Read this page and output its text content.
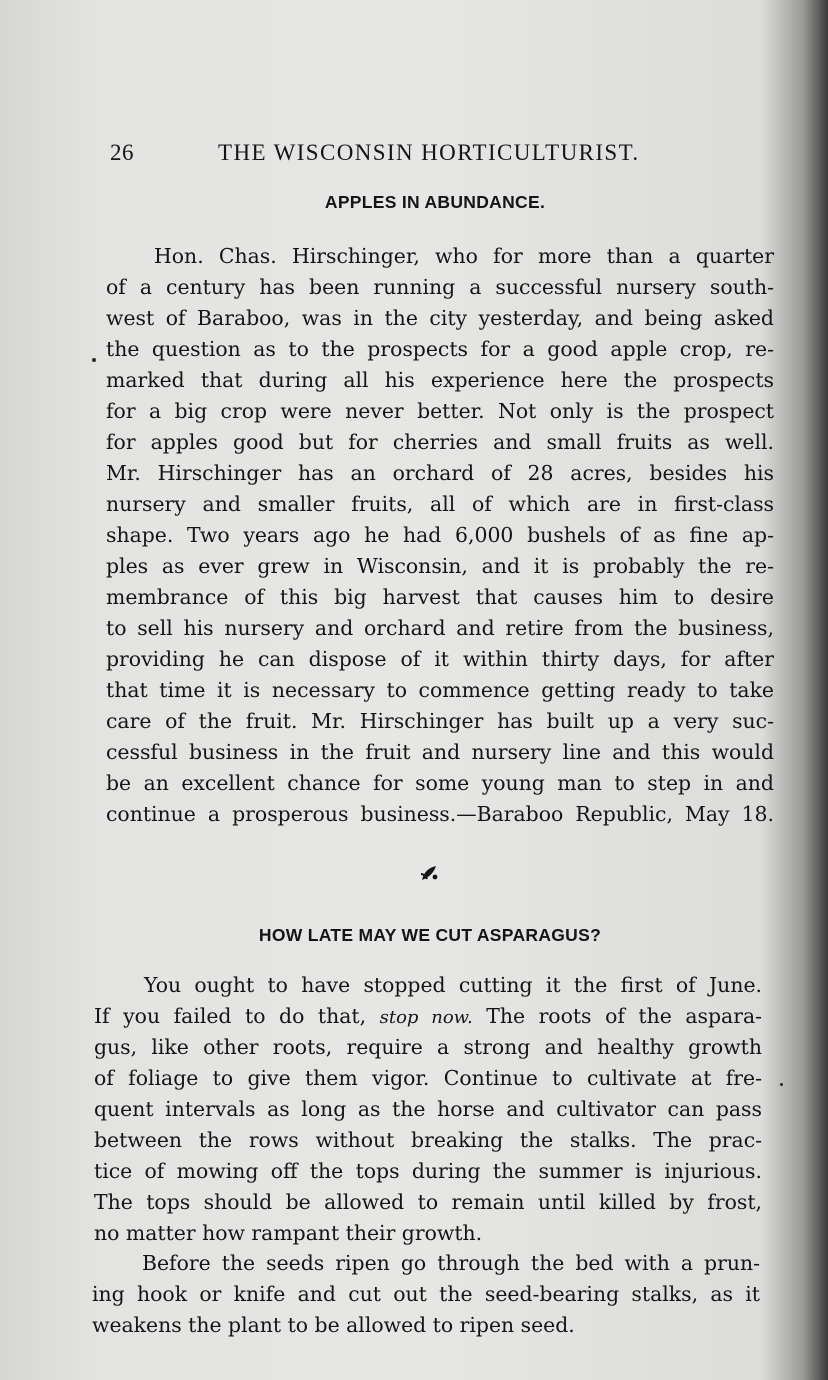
26	THE WISCONSIN HORTICULTURIST.
APPLES IN ABUNDANCE.
Hon. Chas. Hirschinger, who for more than a quarter
of a century has been running a successful nursery south-
west of Baraboo, was in the city yesterday, and being asked
the question as to the prospects for a good apple crop, re-
marked that during all his experience here the prospects
for a big crop were never better. Not only is the prospect
for apples good but for cherries and small fruits as well.
Mr. Hirschinger has an orchard of 28 acres, besides his
nursery and smaller fruits, all of which are in first-class
shape. Two years ago he had 6,000 bushels of as fine ap-
ples as ever grew in Wisconsin, and it is probably the re-
membrance of this big harvest that causes him to desire
to sell his nursery and orchard and retire from the business,
providing he can dispose of it within thirty days, for after
that time it is necessary to commence getting ready to take
care of the fruit. Mr. Hirschinger has built up a very suc-
cessful business in the fruit and nursery line and this would
be an excellent chance for some young man to step in and
continue a prosperous business.—Baraboo Republic, May 18.
HOW LATE MAY WE CUT ASPARAGUS?
You ought to have stopped cutting it the first of June.
If you failed to do that, stop now. The roots of the aspara-
gus, like other roots, require a strong and healthy growth
of foliage to give them vigor. Continue to cultivate at fre-
quent intervals as long as the horse and cultivator can pass
between the rows without breaking the stalks. The prac-
tice of mowing off the tops during the summer is injurious.
The tops should be allowed to remain until killed by frost,
no matter how rampant their growth.
Before the seeds ripen go through the bed with a prun-
ing hook or knife and cut out the seed-bearing stalks, as it
weakens the plant to be allowed to ripen seed.
